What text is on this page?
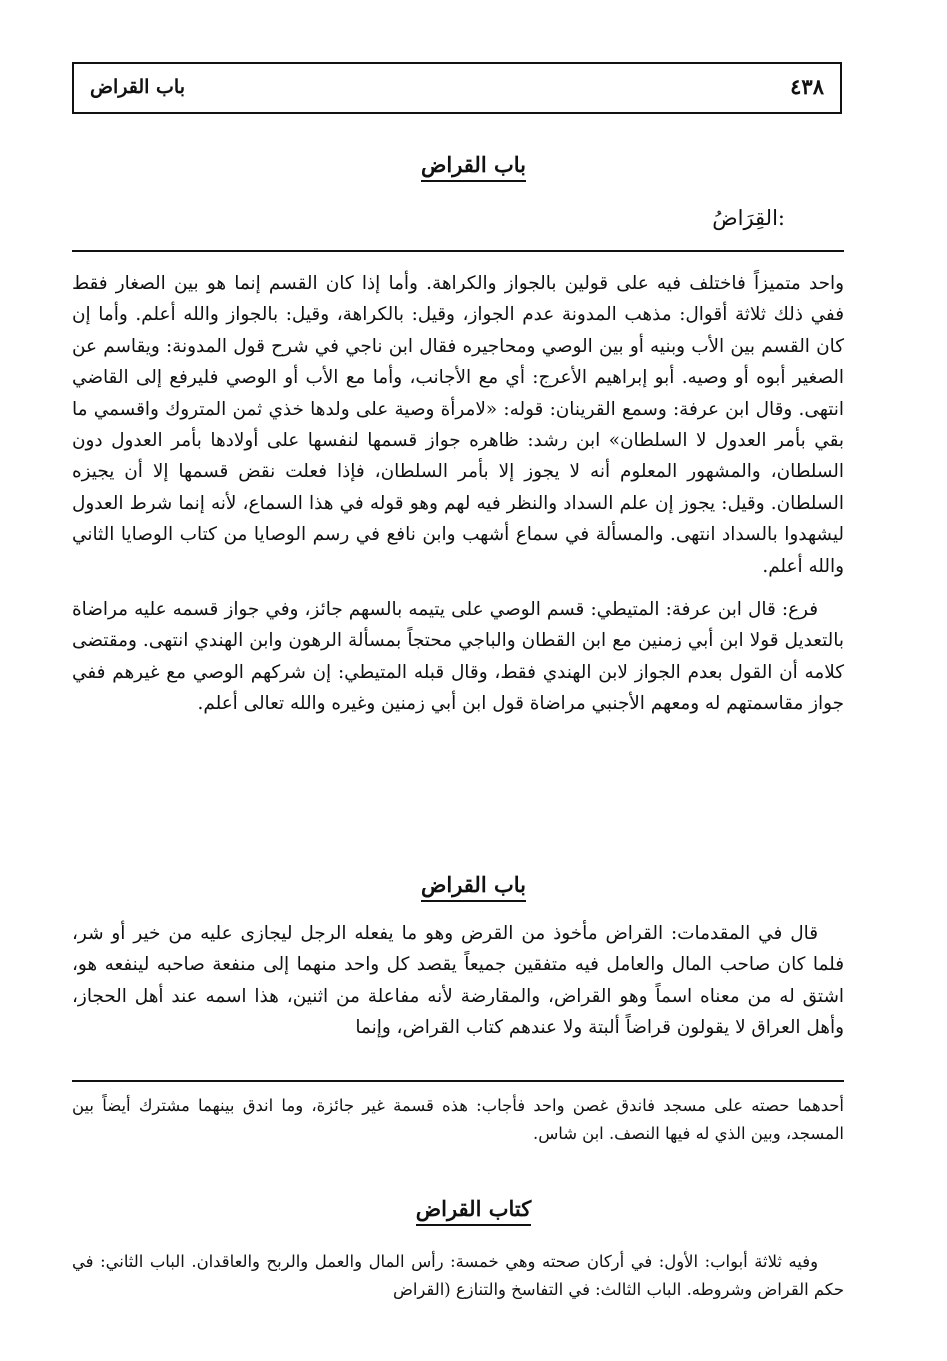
باب القراض	٤٣٨
باب القراض
القِرَاضُ:

واحد متميزاً فاختلف فيه على قولين بالجواز والكراهة. وأما إذا كان القسم إنما هو بين الصغار فقط ففي ذلك ثلاثة أقوال: مذهب المدونة عدم الجواز، وقيل: بالكراهة، وقيل: بالجواز والله أعلم. وأما إن كان القسم بين الأب وبنيه أو بين الوصي ومحاجيره فقال ابن ناجي في شرح قول المدونة: ويقاسم عن الصغير أبوه أو وصيه. أبو إبراهيم الأعرج: أي مع الأجانب، وأما مع الأب أو الوصي فليرفع إلى القاضي انتهى. وقال ابن عرفة: وسمع القرينان: قوله: «لامرأة وصية على ولدها خذي ثمن المتروك واقسمي ما بقي بأمر العدول لا السلطان» ابن رشد: ظاهره جواز قسمها لنفسها على أولادها بأمر العدول دون السلطان، والمشهور المعلوم أنه لا يجوز إلا بأمر السلطان، فإذا فعلت نقض قسمها إلا أن يجيزه السلطان. وقيل: يجوز إن علم السداد والنظر فيه لهم وهو قوله في هذا السماع، لأنه إنما شرط العدول ليشهدوا بالسداد انتهى. والمسألة في سماع أشهب وابن نافع في رسم الوصايا من كتاب الوصايا الثاني والله أعلم.

فرع: قال ابن عرفة: المتيطي: قسم الوصي على يتيمه بالسهم جائز، وفي جواز قسمه عليه مراضاة بالتعديل قولا ابن أبي زمنين مع ابن القطان والباجي محتجاً بمسألة الرهون وابن الهندي انتهى. ومقتضى كلامه أن القول بعدم الجواز لابن الهندي فقط، وقال قبله المتيطي: إن شركهم الوصي مع غيرهم ففي جواز مقاسمتهم له ومعهم الأجنبي مراضاة قول ابن أبي زمنين وغيره والله تعالى أعلم.

باب القراض

قال في المقدمات: القراض مأخوذ من القرض وهو ما يفعله الرجل ليجازى عليه من خير أو شر، فلما كان صاحب المال والعامل فيه متفقين جميعاً يقصد كل واحد منهما إلى منفعة صاحبه لينفعه هو، اشتق له من معناه اسماً وهو القراض، والمقارضة لأنه مفاعلة من اثنين، هذا اسمه عند أهل الحجاز، وأهل العراق لا يقولون قراضاً ألبتة ولا عندهم كتاب القراض، وإنما

أحدهما حصته على مسجد فاندق غصن واحد فأجاب: هذه قسمة غير جائزة، وما اندق بينهما مشترك أيضاً بين المسجد، وبين الذي له فيها النصف. ابن شاس.

كتاب القراض

وفيه ثلاثة أبواب: الأول: في أركان صحته وهي خمسة: رأس المال والعمل والربح والعاقدان. الباب الثاني: في حكم القراض وشروطه. الباب الثالث: في التفاسخ والتنازع (القراض
